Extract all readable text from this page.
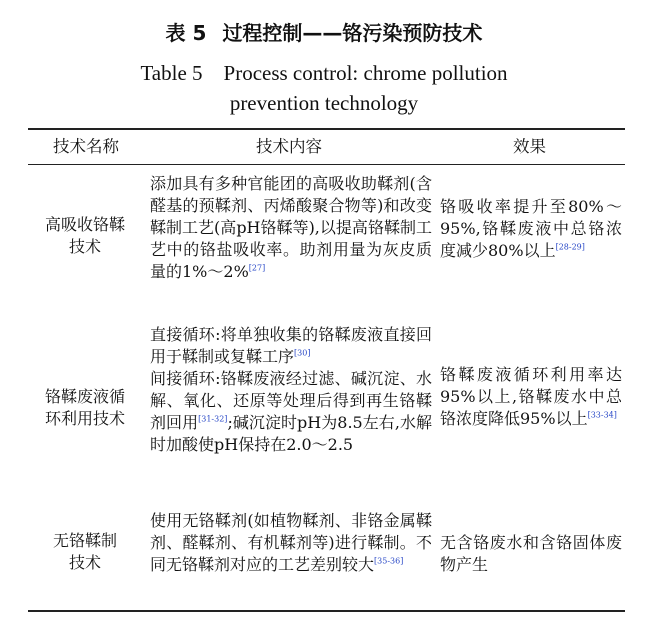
表 5 过程控制——铬污染预防技术
Table 5    Process control: chrome pollution
prevention technology
技术名称	技术内容	效果
高吸收铬鞣
技术
添加具有多种官能团的高吸收助鞣剂(含醛基的预鞣剂、丙烯酸聚合物等)和改变鞣制工艺(高pH铬鞣等),以提高铬鞣制工艺中的铬盐吸收率。助剂用量为灰皮质量的1%～2%[27]
铬吸收率提升至80%～95%,铬鞣废液中总铬浓度减少80%以上[28-29]
铬鞣废液循
环利用技术
直接循环:将单独收集的铬鞣废液直接回用于鞣制或复鞣工序[30]
间接循环:铬鞣废液经过滤、碱沉淀、水解、氧化、还原等处理后得到再生铬鞣剂回用[31-32];碱沉淀时pH为8.5左右,水解时加酸使pH保持在2.0～2.5
铬鞣废液循环利用率达95%以上,铬鞣废水中总铬浓度降低95%以上[33-34]
无铬鞣制
技术
使用无铬鞣剂(如植物鞣剂、非铬金属鞣剂、醛鞣剂、有机鞣剂等)进行鞣制。不同无铬鞣剂对应的工艺差别较大[35-36]
无含铬废水和含铬固体废物产生
